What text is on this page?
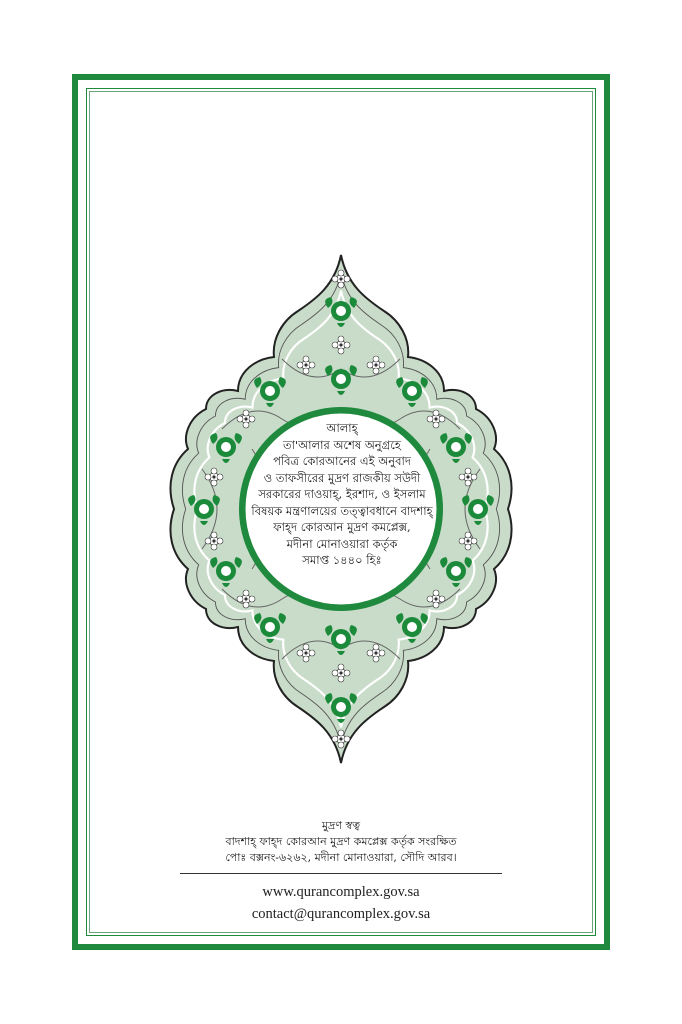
আলাহ্
তা'আলার অশেষ অনুগ্রহে
পবিত্র কোরআনের এই অনুবাদ
ও তাফসীরের মুদ্রণ রাজকীয় সউদী
সরকারের দাওয়াহ্, ইরশাদ, ও ইসলাম
বিষয়ক মন্ত্রণালয়ের তত্ত্বাবধানে বাদশাহ্
ফাহ্‌দ কোরআন মুদ্রণ কমপ্লেক্স,
মদীনা মোনাওয়ারা কর্তৃক
সমাপ্ত ১৪৪০ হিঃ
মুদ্রণ স্বত্ব
বাদশাহ্ ফাহ্দ কোরআন মুদ্রণ কমপ্লেক্স কর্তৃক সংরক্ষিত
পোঃ বক্সনং-৬২৬২, মদীনা মোনাওয়ারা, সৌদি আরব।
www.qurancomplex.gov.sa
contact@qurancomplex.gov.sa
